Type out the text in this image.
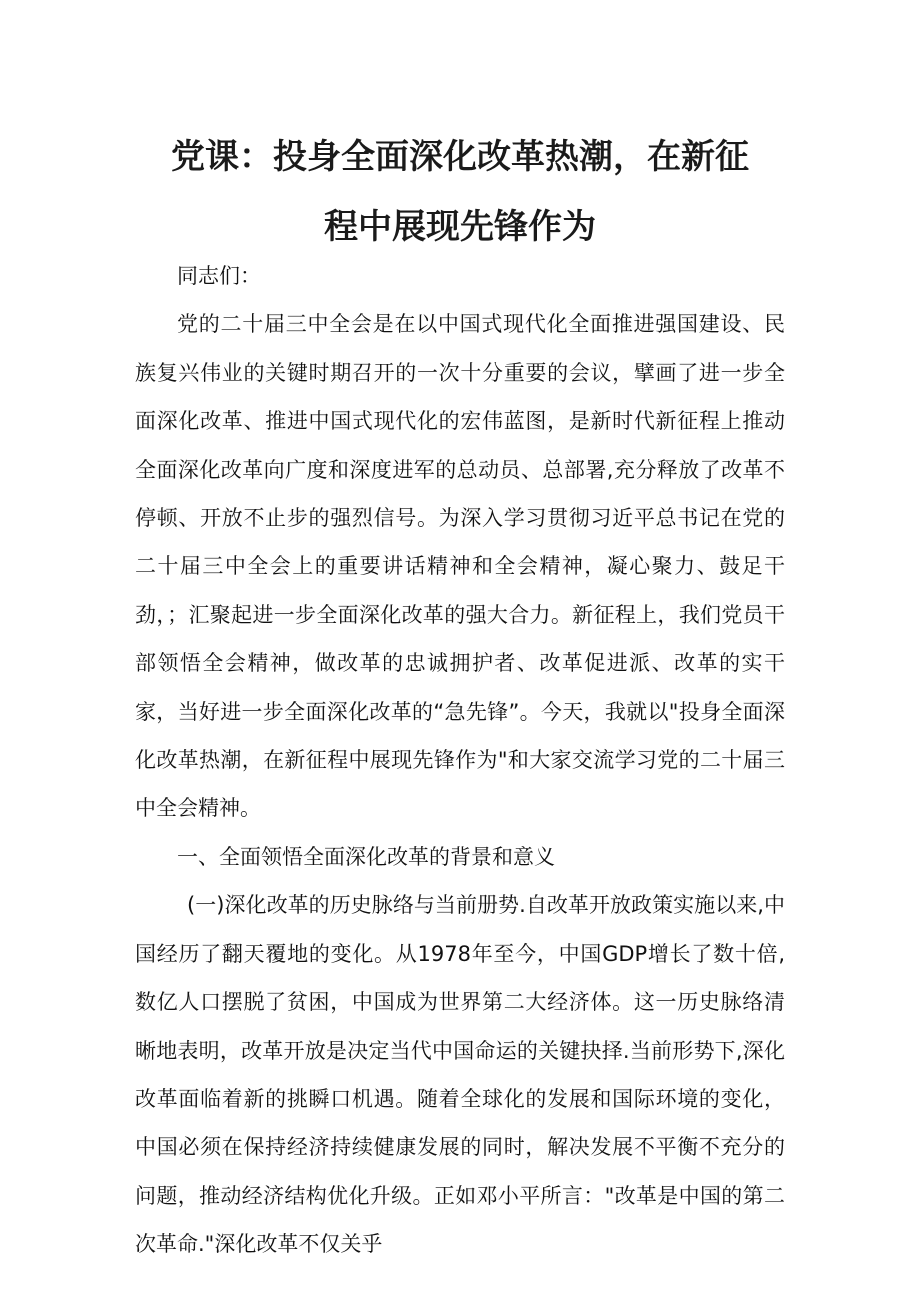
党课：投身全面深化改革热潮，在新征
程中展现先锋作为

同志们：

党的二十届三中全会是在以中国式现代化全面推进强国建设、民族复兴伟业的关键时期召开的一次十分重要的会议，擘画了进一步全面深化改革、推进中国式现代化的宏伟蓝图，是新时代新征程上推动全面深化改革向广度和深度进军的总动员、总部署,充分释放了改革不停顿、开放不止步的强烈信号。为深入学习贯彻习近平总书记在党的二十届三中全会上的重要讲话精神和全会精神，凝心聚力、鼓足干劲，；汇聚起进一步全面深化改革的强大合力。新征程上，我们党员干部领悟全会精神，做改革的忠诚拥护者、改革促进派、改革的实干家，当好进一步全面深化改革的“急先锋”。今天，我就以"投身全面深化改革热潮，在新征程中展现先锋作为"和大家交流学习党的二十届三中全会精神。

一、全面领悟全面深化改革的背景和意义

(一)深化改革的历史脉络与当前册势.自改革开放政策实施以来,中国经历了翻天覆地的变化。从1978年至今，中国GDP增长了数十倍,数亿人口摆脱了贫困，中国成为世界第二大经济体。这一历史脉络清晰地表明，改革开放是决定当代中国命运的关键抉择.当前形势下,深化改革面临着新的挑瞬口机遇。随着全球化的发展和国际环境的变化，中国必须在保持经济持续健康发展的同时，解决发展不平衡不充分的问题，推动经济结构优化升级。正如邓小平所言："改革是中国的第二次革命."深化改革不仅关乎
